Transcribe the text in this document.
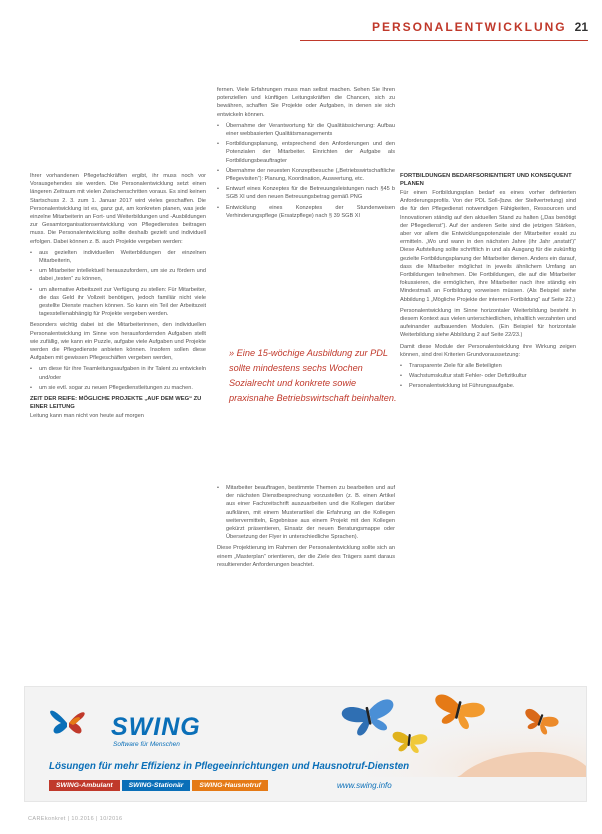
PERSONALENTWICKLUNG 21

fernen. Viele Erfahrungen muss man selbst machen. Sehen Sie Ihren potenziellen und künftigen Leitungskräften die Chancen, sich zu bewähren, schaffen Sie Projekte oder Aufgaben, in denen sie sich entwickeln können.

• Übernahme der Verantwortung für die Qualitätssicherung: Aufbau einer webbasierten Qualitätsmanagements
• Fortbildungsplanung, entsprechend den Anforderungen und den Potenzialen der Mitarbeiter. Einrichten der Aufgabe als Fortbildungsbeauftragter
• Übernahme der neuesten Konzeptbesuche („Betriebswirtschaftliche Pflegevisiten“): Planung, Koordination, Auswertung, etc.
• Entwurf eines Konzeptes für die Betreuungsleistungen nach §45 b SGB XI und den neuen Betreuungsbetrag gemäß PNG
• Entwicklung eines Konzeptes der Stundenweisen Verhinderungspflege (Ersatzpflege) nach § 39 SGB XI

Ihrer vorhandenen Pflegefachkräften ergibt, ihr muss noch vor Vorausgehendes sie werden. Die Personalentwicklung setzt einen längeren Zeitraum mit vielen Zwischenschritten voraus. Es sind keinen Startschuss 2. 3. zum 1. Januar 2017 wird vieles geschaffen. Die Personalentwicklung ist es, ganz gut, am konkreten planen, was jede einzelne Mitarbeiterin an Fort- und Weiterbildungen und -Ausbildungen zur Gesamtorganisationsentwicklung von Pflegedienstes beitragen muss. Die Personalentwicklung sollte deshalb gezielt und individuell erfolgen. Dabei können z. B. auch Projekte vergeben werden:

• aus gezielten individuellen Weiterbildungen der einzelnen Mitarbeiterin,
• um Mitarbeiter intellektuell herauszufordern, um sie zu fördern und dabei „testen“ zu können,
• um alternative Arbeitszeit zur Verfügung zu stellen: Für Mitarbeiter, die das Geld ihr Vollzeit benötigen, jedoch familiär nicht viele gestellte Dienste machen können. So kann ein Teil der Arbeitszeit tagesstellenabhängig für Projekte vergeben werden.

Besonders wichtig dabei ist die Mitarbeiterinnen, den individuellen Personalentwicklung im Sinne von herausfordernden Aufgaben stellt wie zufällig, wie kann ein Puzzle, aufgabe viele Aufgaben und Projekte werden die Pflegedienste anbieten können. Insofern sollen diese Aufgaben mit gewissen Pflegeschäften vergeben werden,

• um diese für ihre Teamleitungsaufgaben in ihr Talent zu entwickeln und/oder
• um sie evtl. sogar zu neuen Pflegedienstleitungen zu machen.
ZEIT DER REIFE: MÖGLICHE PROJEKTE „AUF DEM WEG“ ZU EINER LEITUNG

Leitung kann man nicht von heute auf morgen

» Eine 15-wöchige Ausbildung zur PDL sollte mindestens sechs Wochen Sozialrecht und konkrete sowie praxisnahe Betriebswirtschaft beinhalten.
• Mitarbeiter beauftragen, bestimmte Themen zu bearbeiten und auf der nächsten Dienstbesprechung vorzustellen (z. B. einen Artikel aus einer Fachzeitschrift auszuarbeiten und die Kollegen darüber aufklären, mit einem Musterartikel die Erfahrung an die Kollegen weitervermitteln, Ergebnisse aus einem Projekt mit den Kollegen gekürzt präsentieren, Einsatz der neuen Beratungsmappe oder Übersetzung der Flyer in unterschiedliche Sprachen).

Diese Projektierung im Rahmen der Personalentwicklung sollte sich an einem „Masterplan“ orientieren, der die Ziele des Trägers samt daraus resultierender Anforderungen beachtet.

FORTBILDUNGEN BEDARFSORIENTIERT UND KONSEQUENT PLANEN

Für einen Fortbildungsplan bedarf es eines vorher definierten Anforderungsprofils. Von der PDL Soll-(bzw. der Stellvertretung) sind die für den Pflegedienst notwendigen Fähigkeiten, Ressourcen und Innovationen ständig auf den aktuellen Stand zu halten („Das benötigt der Pflegedienst“). Auf der anderen Seite sind die jetzigen Stärken, aber vor allem die Entwicklungspotenziale der Mitarbeiter exakt zu ermitteln. „Wo und wann in den nächsten Jahre (ihr Jahr ‚anstatt‘)“ Diese Aufstellung sollte schriftlich in und als Ausgang für die zukünftig gezielte Fortbildungsplanung der Mitarbeiter dienen. Anders ein darauf, dass die Mitarbeiter möglichst in jeweils ähnlichem Umfang an Fortbildungen teilnehmen. Die Fortbildungen, die auf die Mitarbeiter fokussieren, die ermöglichen, ihre Mitarbeiter nach ihre ständig ein Mindestmaß an Fortbildung vorweisen müssen. (Als Beispiel siehe Abbildung 1 „Mögliche Projekte der internen Fortbildung“ auf Seite 22.)

Personalentwicklung im Sinne horizontaler Weiterbildung besteht in diesem Kontext aus vielen unterschiedlichen, inhaltlich verzahnten und aufeinander aufbauenden Modulen. (Ein Beispiel für horizontale Weiterbildung siehe Abbildung 2 auf Seite 22/23.)

Damit diese Module der Personalentwicklung ihre Wirkung zeigen können, sind drei Kriterien Grundvoraussetzung:

• Transparente Ziele für alle Beteiligten
• Wachstumskultur statt Fehler- oder Defizitkultur
• Personalentwicklung ist Führungsaufgabe.
SWING
Software für Menschen
Lösungen für mehr Effizienz in Pflegeeinrichtungen und Hausnotruf-Diensten
SWING-Ambulant	SWING-Stationär	SWING-Hausnotruf	www.swing.info
CAREkonkret | 10.2016 | 10/2016
